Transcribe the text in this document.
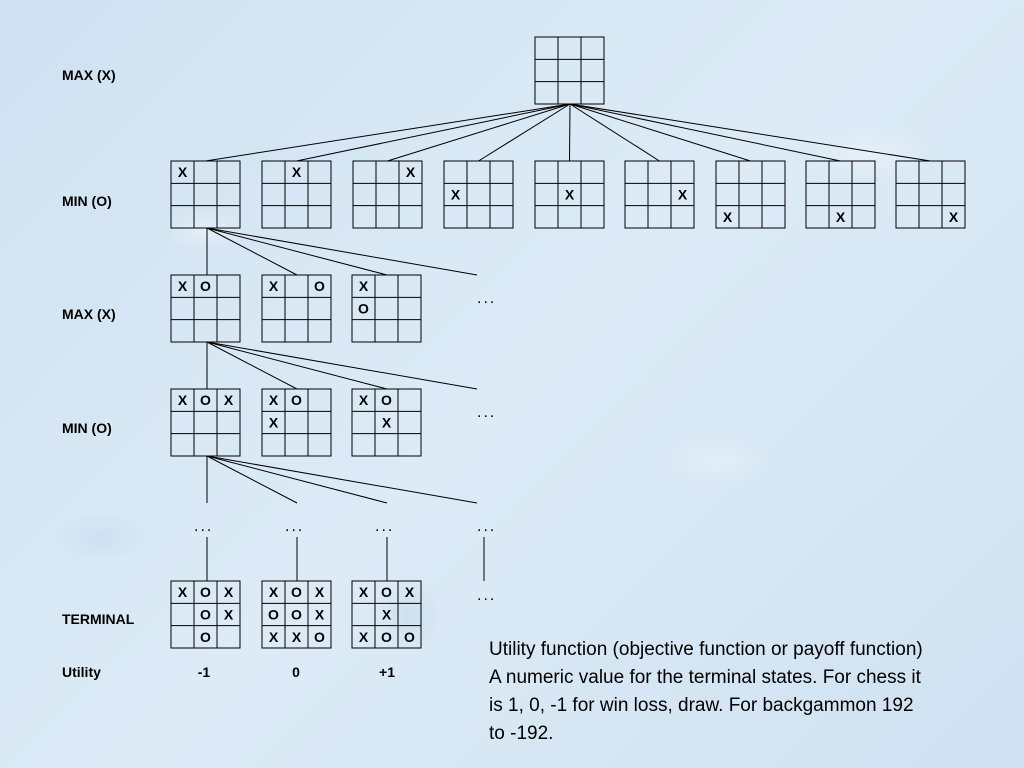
X	X	X
X	X	X
X	X	X
X O	X	O X
O
X O X	X O
X
X O
X
X O X
O X
O
X O X
O O X
X X O
X O X
X
X O O
MAX (X)
MIN (O)
MAX (X)
MIN (O)
TERMINAL
Utility
...
...
...	...	...	...
...
-1	0	+1
Utility function (objective function or payoff function)
A numeric value for the terminal states. For chess it
is 1, 0, -1 for win loss, draw. For backgammon 192
to -192.
